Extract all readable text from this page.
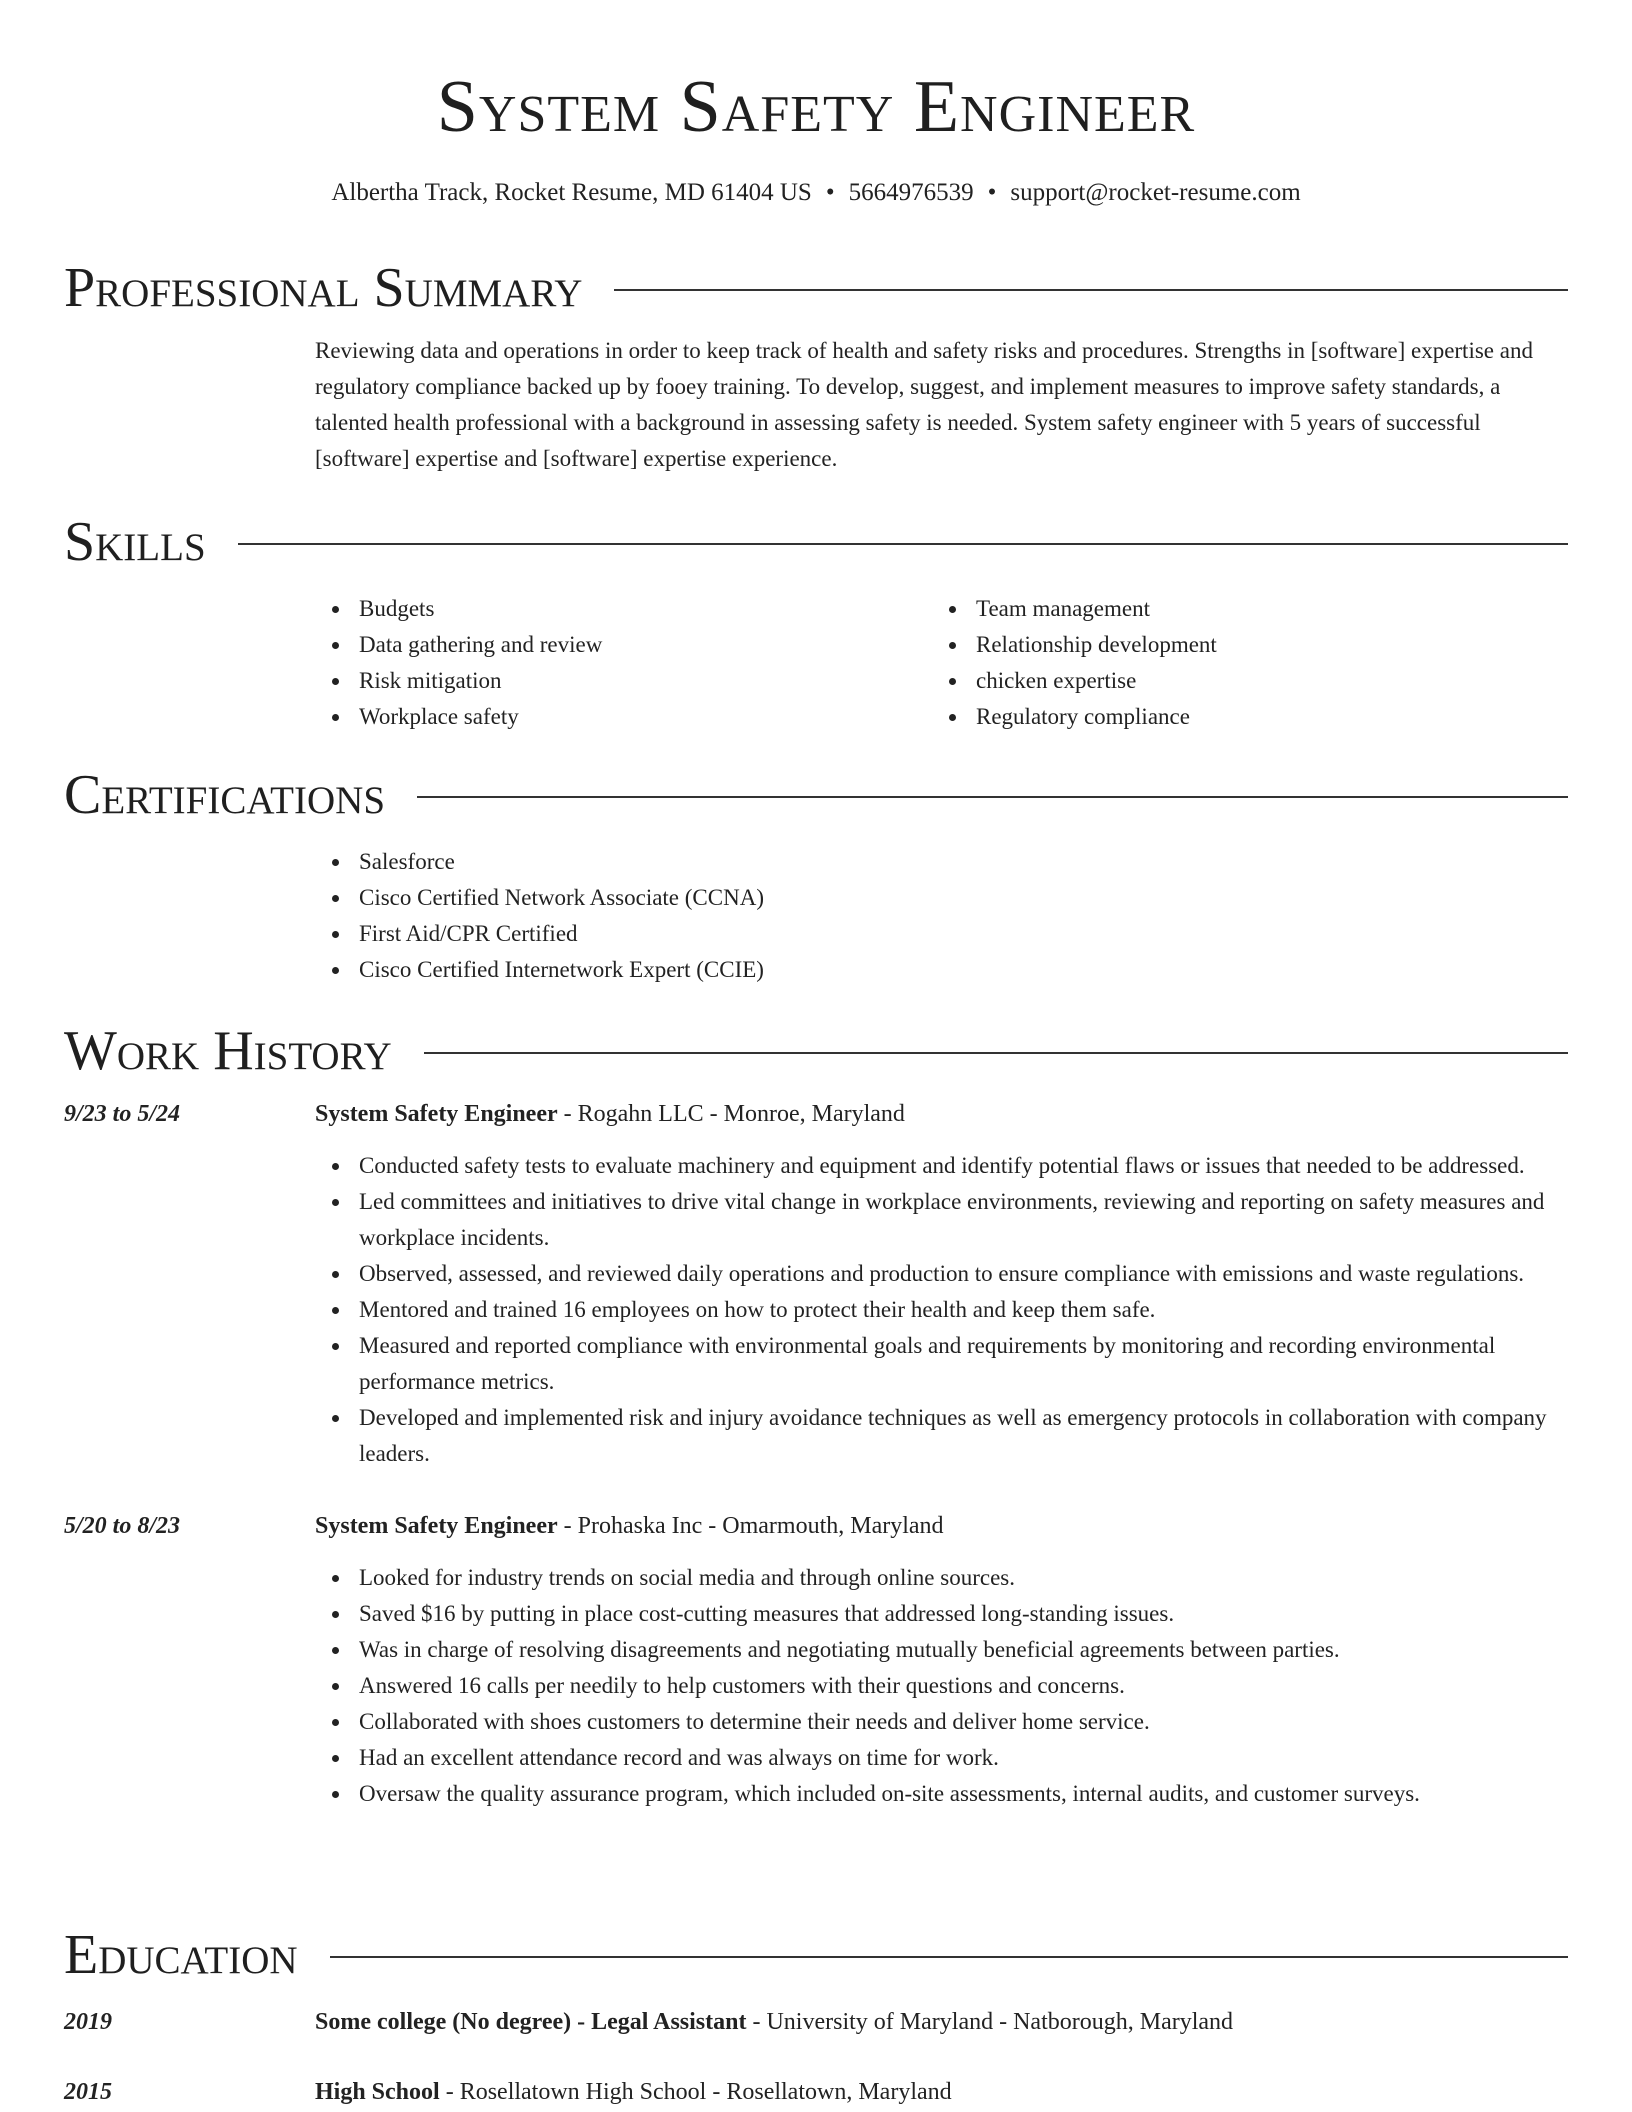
System Safety Engineer
Albertha Track, Rocket Resume, MD 61404 US • 5664976539 • support@rocket-resume.com
Professional Summary

Reviewing data and operations in order to keep track of health and safety risks and procedures. Strengths in [software] expertise and regulatory compliance backed up by fooey training. To develop, suggest, and implement measures to improve safety standards, a talented health professional with a background in assessing safety is needed. System safety engineer with 5 years of successful [software] expertise and [software] expertise experience.

Skills
Budgets
Data gathering and review
Risk mitigation
Workplace safety
Team management
Relationship development
chicken expertise
Regulatory compliance
Certifications
Salesforce
Cisco Certified Network Associate (CCNA)
First Aid/CPR Certified
Cisco Certified Internetwork Expert (CCIE)
Work History
9/23 to 5/24	System Safety Engineer - Rogahn LLC - Monroe, Maryland
Conducted safety tests to evaluate machinery and equipment and identify potential flaws or issues that needed to be addressed.
Led committees and initiatives to drive vital change in workplace environments, reviewing and reporting on safety measures and workplace incidents.
Observed, assessed, and reviewed daily operations and production to ensure compliance with emissions and waste regulations.
Mentored and trained 16 employees on how to protect their health and keep them safe.
Measured and reported compliance with environmental goals and requirements by monitoring and recording environmental performance metrics.
Developed and implemented risk and injury avoidance techniques as well as emergency protocols in collaboration with company leaders.
5/20 to 8/23	System Safety Engineer - Prohaska Inc - Omarmouth, Maryland
Looked for industry trends on social media and through online sources.
Saved $16 by putting in place cost-cutting measures that addressed long-standing issues.
Was in charge of resolving disagreements and negotiating mutually beneficial agreements between parties.
Answered 16 calls per needily to help customers with their questions and concerns.
Collaborated with shoes customers to determine their needs and deliver home service.
Had an excellent attendance record and was always on time for work.
Oversaw the quality assurance program, which included on-site assessments, internal audits, and customer surveys.
Education
2019	Some college (No degree) - Legal Assistant - University of Maryland - Natborough, Maryland
2015	High School - Rosellatown High School - Rosellatown, Maryland
